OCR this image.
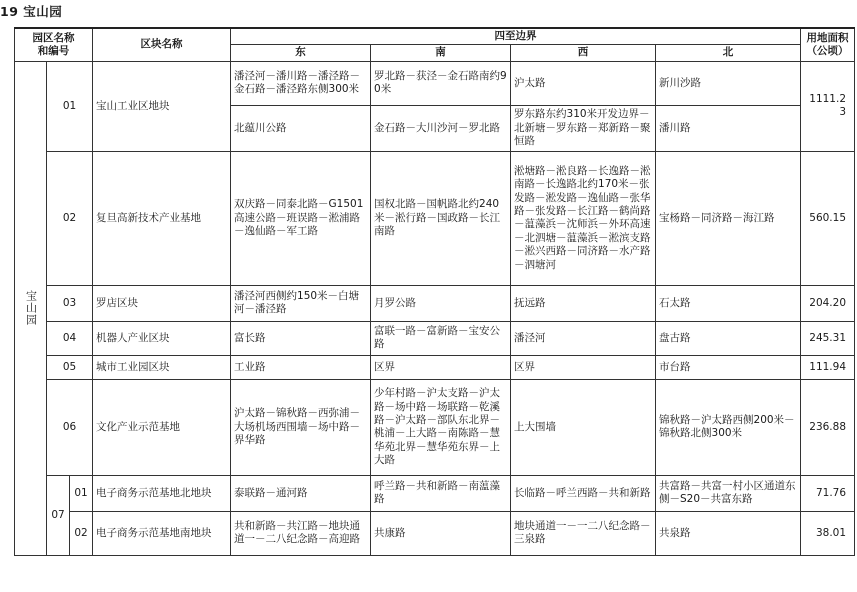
19 宝山园
园区名称
和编号			区块名称	四至边界				用地面积
（公顷）
				东	南	西	北	

宝山园	01		宝山工业区地块	潘泾河－潘川路－潘泾路－金石路－潘泾路东侧300米	罗北路－获泾－金石路南约90米	沪太路	新川沙路	1111.23
				北蕴川公路	金石路－大川沙河－罗北路	罗东路东约310米开发边界－北新塘－罗东路－郑新路－聚恒路	潘川路	
	02		复旦高新技术产业基地	双庆路－同泰北路－G1501高速公路－班误路－淞浦路－逸仙路－军工路	国权北路－国帆路北约240米－淞行路－国政路－长江南路	淞塘路－淞良路－长逸路－淞南路－长逸路北约170米－张发路－淞发路－逸仙路－张华路－张发路－长江路－鹤尚路－蕰藻浜－沈师浜－外环高速－北泗塘－蕰藻浜－淞滨支路－淞兴西路－同济路－水产路－泗塘河	宝杨路－同济路－海江路	560.15
	03		罗店区块	潘泾河西侧约150米－白塘河－潘泾路	月罗公路	抚远路	石太路	204.20
	04		机器人产业区块	富长路	富联一路－富新路－宝安公路	潘泾河	盘古路	245.31
	05		城市工业园区块	工业路	区界	区界	市台路	111.94
	06		文化产业示范基地	沪太路－锦秋路－西弥浦－大场机场西围墙－场中路－界华路	少年村路－沪太支路－沪太路－场中路－场联路－乾溪路－沪太路－部队东北界－桃浦－上大路－南陈路－慧华苑北界－慧华苑东界－上大路	上大围墙	锦秋路－沪太路西侧200米－锦秋路北侧300米	236.88
	07	01	电子商务示范基地北地块	泰联路－通河路	呼兰路－共和新路－南蕰藻路	长临路－呼兰西路－共和新路	共富路－共富一村小区通道东侧－S20－共富东路	71.76
		02	电子商务示范基地南地块	共和新路－共江路－地块通道一－二八纪念路－高迎路	共康路	地块通道一－一二八纪念路－三泉路	共泉路	38.01
